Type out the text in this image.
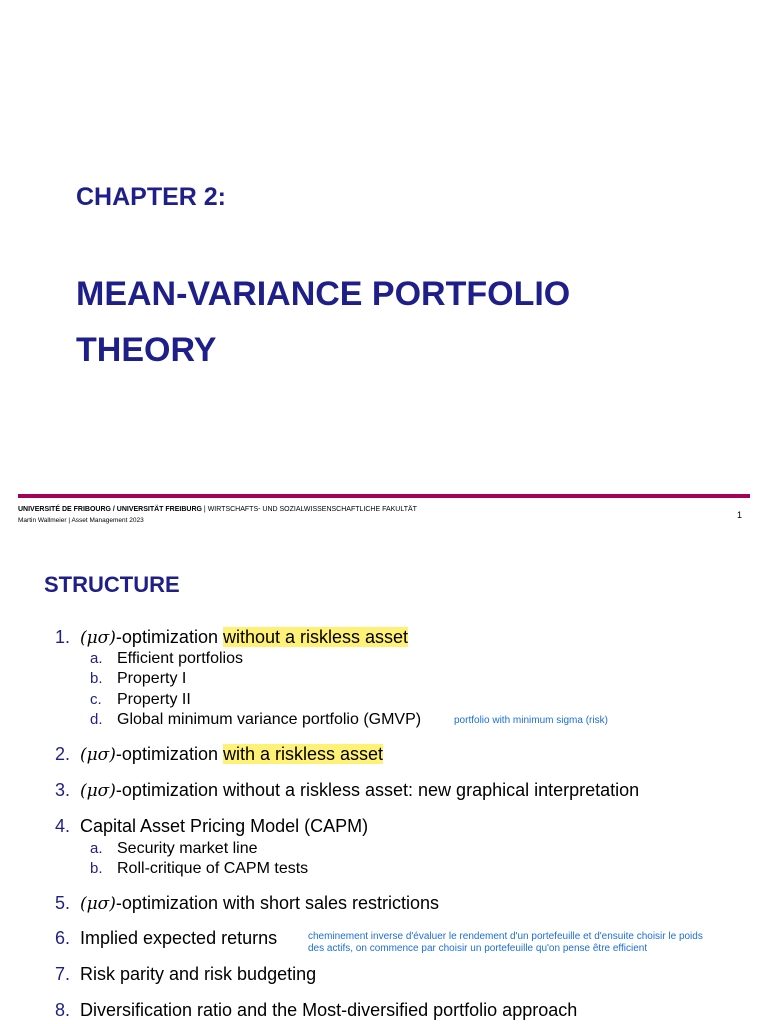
CHAPTER 2:
MEAN-VARIANCE PORTFOLIO
THEORY
UNIVERSITÉ DE FRIBOURG / UNIVERSITÄT FREIBURG | WIRTSCHAFTS- UND SOZIALWISSENSCHAFTLICHE FAKULTÄT
Martin Wallmeier | Asset Management 2023
1
STRUCTURE
1. (μσ)-optimization without a riskless asset
a. Efficient portfolios
b. Property I
c. Property II
d. Global minimum variance portfolio (GMVP)	portfolio with minimum sigma (risk)
2. (μσ)-optimization with a riskless asset
3. (μσ)-optimization without a riskless asset: new graphical interpretation
4. Capital Asset Pricing Model (CAPM)
a. Security market line
b. Roll-critique of CAPM tests
5. (μσ)-optimization with short sales restrictions
6. Implied expected returns	cheminement inverse d'évaluer le rendement d'un portefeuille et d'ensuite choisir le poids
des actifs, on commence par choisir un portefeuille qu'on pense être efficient
7. Risk parity and risk budgeting
8. Diversification ratio and the Most-diversified portfolio approach
